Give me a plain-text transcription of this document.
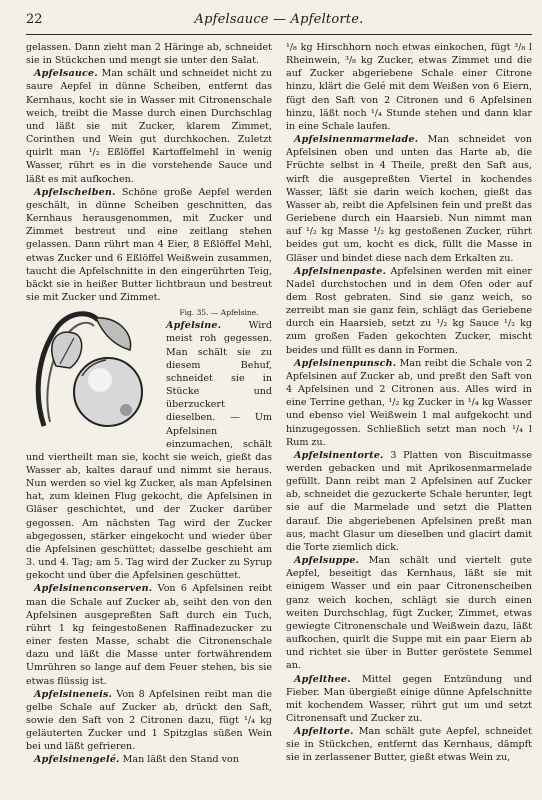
22	Apfelsauce — Apfeltorte.

gelassen. Dann zieht man 2 Häringe ab, schneidet sie in Stückchen und mengt sie unter den Salat.

Apfelsauce. Man schält und schneidet nicht zu saure Aepfel in dünne Scheiben, entfernt das Kernhaus, kocht sie in Wasser mit Citronenschale weich, treibt die Masse durch einen Durchschlag und läßt sie mit Zucker, klarem Zimmet, Corinthen und Wein gut durchkochen. Zuletzt quirlt man ¹/₂ Eßlöffel Kartoffelmehl in wenig Wasser, rührt es in die vorstehende Sauce und läßt es mit aufkochen.

Apfelscheiben. Schöne große Aepfel werden geschält, in dünne Scheiben geschnitten, das Kernhaus herausgenommen, mit Zucker und Zimmet bestreut und eine zeitlang stehen gelassen. Dann rührt man 4 Eier, 8 Eßlöffel Mehl, etwas Zucker und 6 Eßlöffel Weißwein zusammen, taucht die Apfelschnitte in den eingerührten Teig, bäckt sie in heißer Butter lichtbraun und bestreut sie mit Zucker und Zimmet.

Fig. 35. — Apfelsine.
Apfelsine. Wird meist roh gegessen. Man schält sie zu diesem Behuf, schneidet sie in Stücke und überzuckert dieselben. — Um Apfelsinen einzumachen, schält und viertheilt man sie, kocht sie weich, gießt das Wasser ab, kaltes darauf und nimmt sie heraus. Nun werden so viel kg Zucker, als man Apfelsinen hat, zum kleinen Flug gekocht, die Apfelsinen in Gläser geschichtet, und der Zucker darüber gegossen. Am nächsten Tag wird der Zucker abgegossen, stärker eingekocht und wieder über die Apfelsinen geschüttet; dasselbe geschieht am 3. und 4. Tag; am 5. Tag wird der Zucker zu Syrup gekocht und über die Apfelsinen geschüttet.

Apfelsinenconserven. Von 6 Apfelsinen reibt man die Schale auf Zucker ab, seiht den von den Apfelsinen ausgepreßten Saft durch ein Tuch, rührt 1 kg feingestoßenen Raffinadezucker zu einer festen Masse, schabt die Citronenschale dazu und läßt die Masse unter fortwährendem Umrühren so lange auf dem Feuer stehen, bis sie etwas flüssig ist.

Apfelsineneis. Von 8 Apfelsinen reibt man die gelbe Schale auf Zucker ab, drückt den Saft, sowie den Saft von 2 Citronen dazu, fügt ¹/₄ kg geläuterten Zucker und 1 Spitzglas süßen Wein bei und läßt gefrieren.

Apfelsinengelé. Man läßt den Stand von

¹/₈ kg Hirschhorn noch etwas einkochen, fügt ³/₈ l Rheinwein, ³/₈ kg Zucker, etwas Zimmet und die auf Zucker abgeriebene Schale einer Citrone hinzu, klärt die Gelé mit dem Weißen von 6 Eiern, fügt den Saft von 2 Citronen und 6 Apfelsinen hinzu, läßt noch ¹/₄ Stunde stehen und dann klar in eine Schale laufen.

Apfelsinenmarmelade. Man schneidet von Apfelsinen oben und unten das Harte ab, die Früchte selbst in 4 Theile, preßt den Saft aus, wirft die ausgepreßten Viertel in kochendes Wasser, läßt sie darin weich kochen, gießt das Wasser ab, reibt die Apfelsinen fein und preßt das Geriebene durch ein Haarsieb. Nun nimmt man auf ¹/₂ kg Masse ¹/₂ kg gestoßenen Zucker, rührt beides gut um, kocht es dick, füllt die Masse in Gläser und bindet diese nach dem Erkalten zu.

Apfelsinenpaste. Apfelsinen werden mit einer Nadel durchstochen und in dem Ofen oder auf dem Rost gebraten. Sind sie ganz weich, so zerreibt man sie ganz fein, schlägt das Geriebene durch ein Haarsieb, setzt zu ¹/₂ kg Sauce ¹/₂ kg zum großen Faden gekochten Zucker, mischt beides und füllt es dann in Formen.

Apfelsinenpunsch. Man reibt die Schale von 2 Apfelsinen auf Zucker ab, und preßt den Saft von 4 Apfelsinen und 2 Citronen aus. Alles wird in eine Terrine gethan, ¹/₂ kg Zucker in ¹/₄ kg Wasser und ebenso viel Weißwein 1 mal aufgekocht und hinzugegossen. Schließlich setzt man noch ¹/₄ l Rum zu.

Apfelsinentorte. 3 Platten von Biscuitmasse werden gebacken und mit Aprikosenmarmelade gefüllt. Dann reibt man 2 Apfelsinen auf Zucker ab, schneidet die gezuckerte Schale herunter, legt sie auf die Marmelade und setzt die Platten darauf. Die abgeriebenen Apfelsinen preßt man aus, macht Glasur um dieselben und glacirt damit die Torte ziemlich dick.

Apfelsuppe. Man schält und viertelt gute Aepfel, beseitigt das Kernhaus, läßt sie mit einigem Wasser und ein paar Citronenscheiben ganz weich kochen, schlägt sie durch einen weiten Durchschlag, fügt Zucker, Zimmet, etwas gewiegte Citronenschale und Weißwein dazu, läßt aufkochen, quirlt die Suppe mit ein paar Eiern ab und richtet sie über in Butter geröstete Semmel an.

Apfelthee. Mittel gegen Entzündung und Fieber. Man übergießt einige dünne Apfelschnitte mit kochendem Wasser, rührt gut um und setzt Citronensaft und Zucker zu.

Apfeltorte. Man schält gute Aepfel, schneidet sie in Stückchen, entfernt das Kernhaus, dämpft sie in zerlassener Butter, gießt etwas Wein zu,
